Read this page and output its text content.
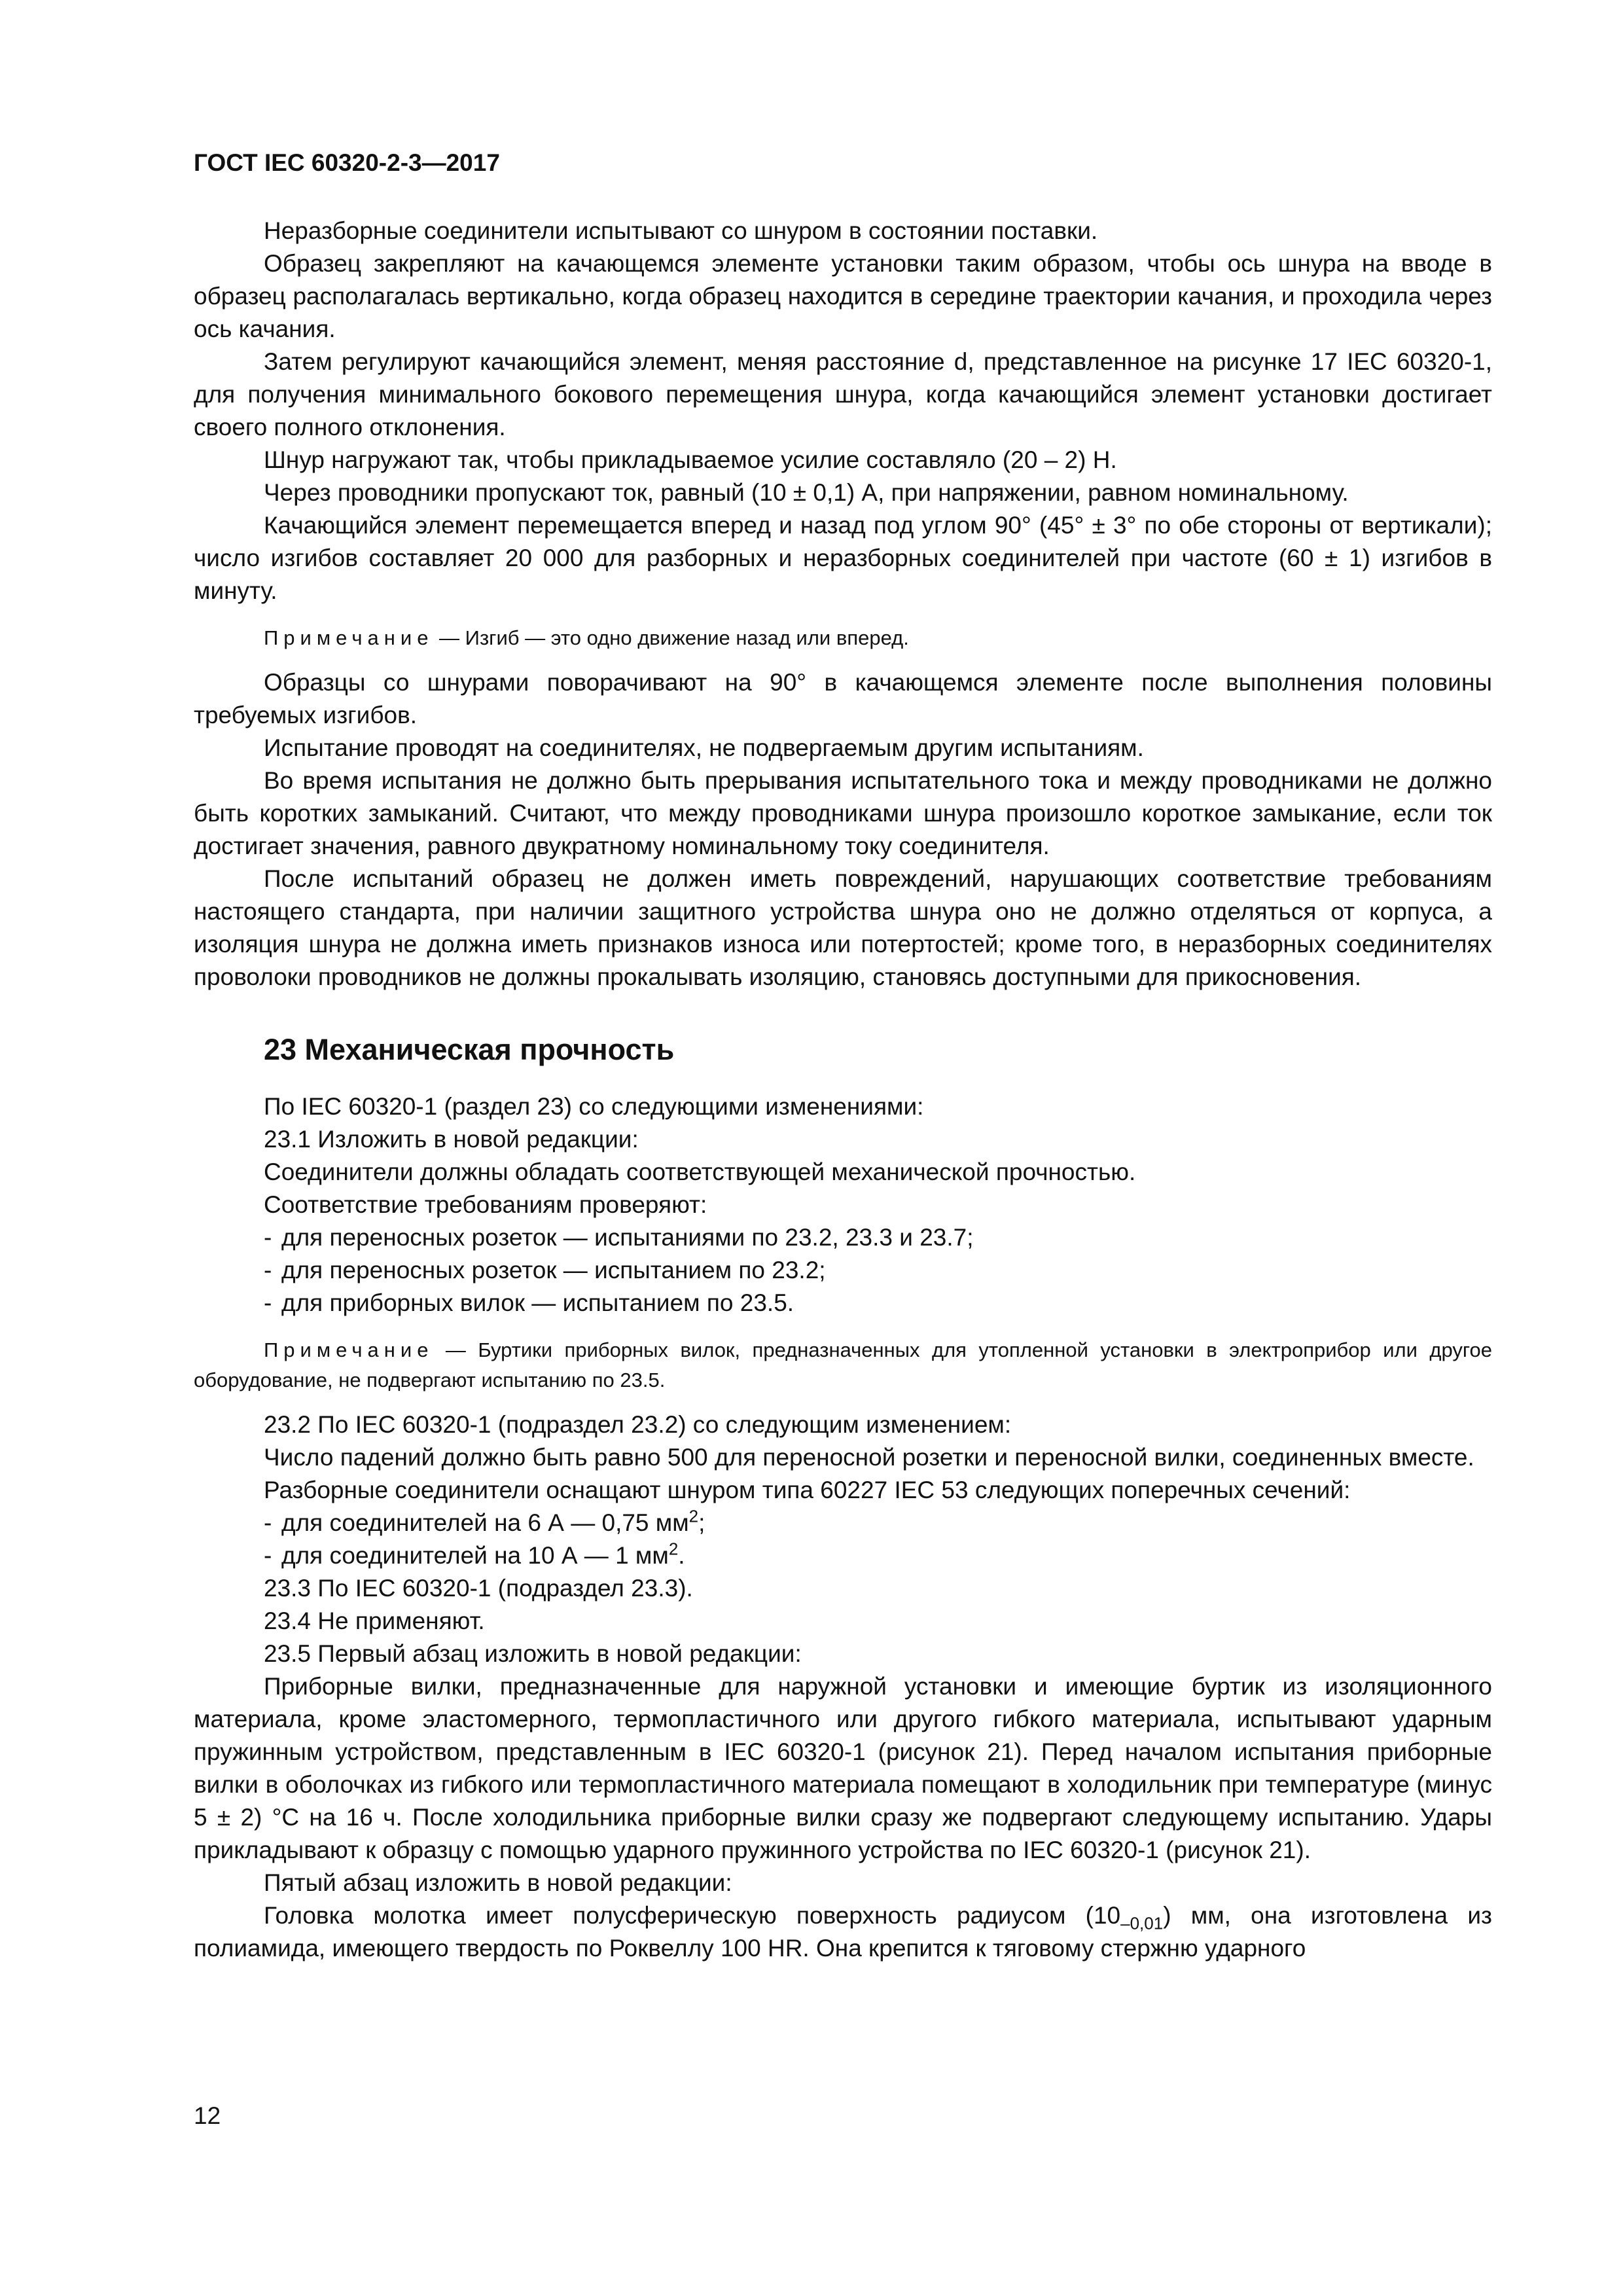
ГОСТ IEC 60320-2-3—2017

Неразборные соединители испытывают со шнуром в состоянии поставки.

Образец закрепляют на качающемся элементе установки таким образом, чтобы ось шнура на вводе в образец располагалась вертикально, когда образец находится в середине траектории качания, и проходила через ось качания.

Затем регулируют качающийся элемент, меняя расстояние d, представленное на рисунке 17 IEC 60320-1, для получения минимального бокового перемещения шнура, когда качающийся элемент установки достигает своего полного отклонения.

Шнур нагружают так, чтобы прикладываемое усилие составляло (20 – 2) Н.

Через проводники пропускают ток, равный (10 ± 0,1) А, при напряжении, равном номинальному.

Качающийся элемент перемещается вперед и назад под углом 90° (45° ± 3° по обе стороны от вертикали); число изгибов составляет 20 000 для разборных и неразборных соединителей при частоте (60 ± 1) изгибов в минуту.

Примечание — Изгиб — это одно движение назад или вперед.

Образцы со шнурами поворачивают на 90° в качающемся элементе после выполнения половины требуемых изгибов.

Испытание проводят на соединителях, не подвергаемым другим испытаниям.

Во время испытания не должно быть прерывания испытательного тока и между проводниками не должно быть коротких замыканий. Считают, что между проводниками шнура произошло короткое замыкание, если ток достигает значения, равного двукратному номинальному току соединителя.

После испытаний образец не должен иметь повреждений, нарушающих соответствие требованиям настоящего стандарта, при наличии защитного устройства шнура оно не должно отделяться от корпуса, а изоляция шнура не должна иметь признаков износа или потертостей; кроме того, в неразборных соединителях проволоки проводников не должны прокалывать изоляцию, становясь доступными для прикосновения.

23 Механическая прочность

По IEC 60320-1 (раздел 23) со следующими изменениями:

23.1 Изложить в новой редакции:

Соединители должны обладать соответствующей механической прочностью.

Соответствие требованиям проверяют:

- для переносных розеток — испытаниями по 23.2, 23.3 и 23.7;
- для переносных розеток — испытанием по 23.2;
- для приборных вилок — испытанием по 23.5.

Примечание — Буртики приборных вилок, предназначенных для утопленной установки в электроприбор или другое оборудование, не подвергают испытанию по 23.5.

23.2 По IEC 60320-1 (подраздел 23.2) со следующим изменением:

Число падений должно быть равно 500 для переносной розетки и переносной вилки, соединенных вместе.

Разборные соединители оснащают шнуром типа 60227 IEC 53 следующих поперечных сечений:

- для соединителей на 6 А — 0,75 $мм^2$;
- для соединителей на 10 А — 1 $мм^2$.

23.3 По IEC 60320-1 (подраздел 23.3).

23.4 Не применяют.

23.5 Первый абзац изложить в новой редакции:

Приборные вилки, предназначенные для наружной установки и имеющие буртик из изоляционного материала, кроме эластомерного, термопластичного или другого гибкого материала, испытывают ударным пружинным устройством, представленным в IEC 60320-1 (рисунок 21). Перед началом испытания приборные вилки в оболочках из гибкого или термопластичного материала помещают в холодильник при температуре (минус 5 ± 2) °С на 16 ч. После холодильника приборные вилки сразу же подвергают следующему испытанию. Удары прикладывают к образцу с помощью ударного пружинного устройства по IEC 60320-1 (рисунок 21).

Пятый абзац изложить в новой редакции:

Головка молотка имеет полусферическую поверхность радиусом $(10_{-0,01})$ мм, она изготовлена из полиамида, имеющего твердость по Роквеллу 100 HR. Она крепится к тяговому стержню ударного

12
